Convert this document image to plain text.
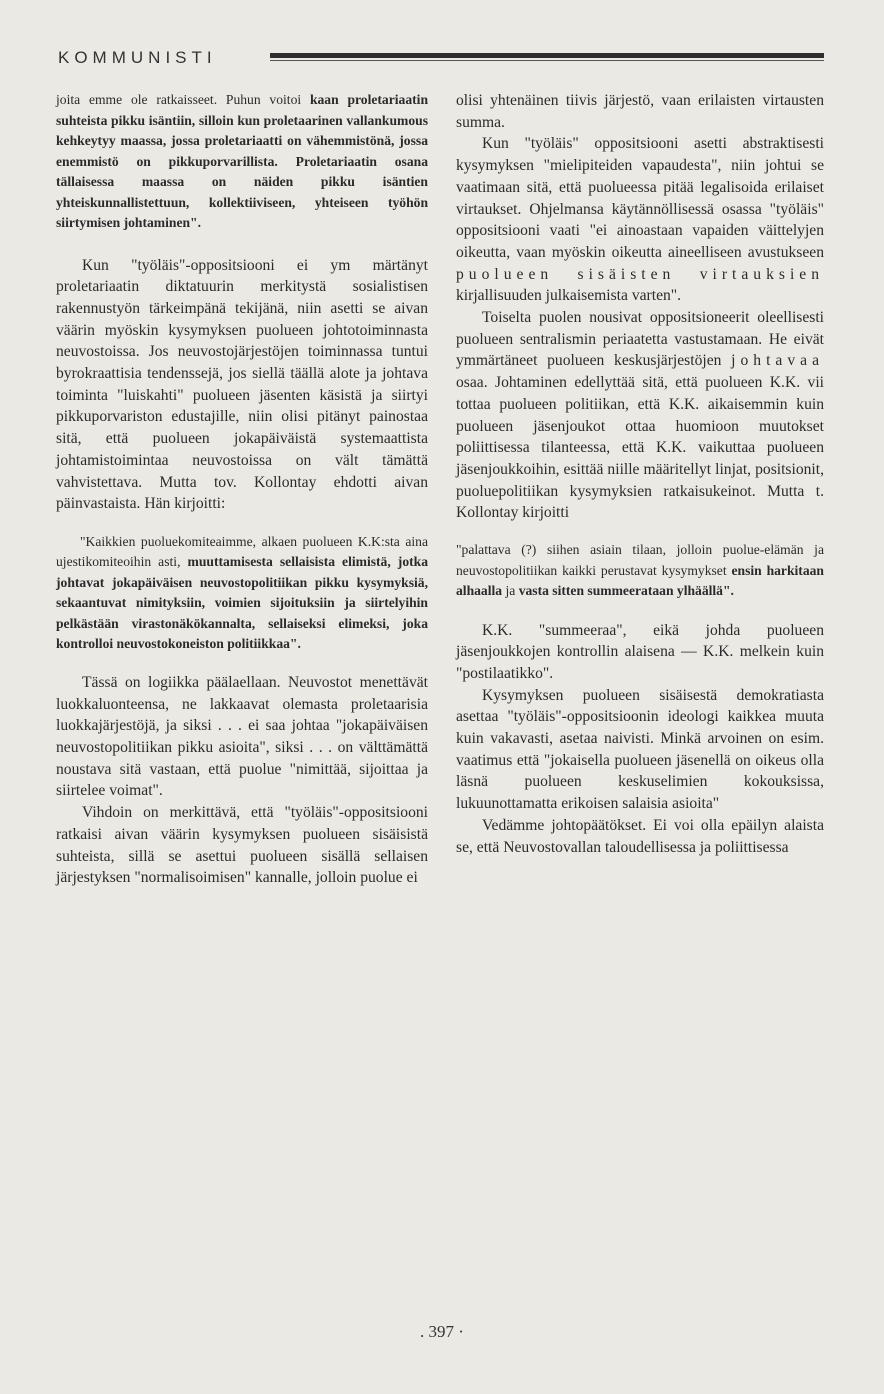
KOMMUNISTI

joita emme ole ratkaisseet. Puhun voitoi kaan proletariaatin suhteista pikku isäntiin, silloin kun proletaarinen vallankumous kehkeytyy maassa, jossa proletariaatti on vähemmistönä, jossa enemmistö on pikkuporvarillista. Proletariaatin osana tällaisessa maassa on näiden pikku isäntien yhteiskunnallistettuun, kollektiiviseen, yhteiseen työhön siirtymisen johtaminen".

Kun "työläis"-oppositsiooni ei ym märtänyt proletariaatin diktatuurin merkitystä sosialistisen rakennustyön tärkeimpänä tekijänä, niin asetti se aivan väärin myöskin kysymyksen puolueen johtotoiminnasta neuvostoissa. Jos neuvostojärjestöjen toiminnassa tuntui byrokraattisia tendenssejä, jos siellä täällä alote ja johtava toiminta "luiskahti" puolueen jäsenten käsistä ja siirtyi pikkuporvariston edustajille, niin olisi pitänyt painostaa sitä, että puolueen jokapäiväistä systemaattista johtamistoimintaa neuvostoissa on vält tämättä vahvistettava. Mutta tov. Kollontay ehdotti aivan päinvastaista. Hän kirjoitti:

"Kaikkien puoluekomiteaimme, alkaen puolueen K.K:sta aina ujestikomiteoihin asti, muuttamisesta sellaisista elimistä, jotka johtavat jokapäiväisen neuvostopolitiikan pikku kysymyksiä, sekaantuvat nimityksiin, voimien sijoituksiin ja siirtelyihin pelkästään virastonäkökannalta, sellaiseksi elimeksi, joka kontrolloi neuvostokoneiston politiikkaa".

Tässä on logiikka päälaellaan. Neuvostot menettävät luokkaluonteensa, ne lakkaavat olemasta proletaarisia luokkajärjestöjä, ja siksi . . . ei saa johtaa "jokapäiväisen neuvostopolitiikan pikku asioita", siksi . . . on välttämättä noustava sitä vastaan, että puolue "nimittää, sijoittaa ja siirtelee voimat".

Vihdoin on merkittävä, että "työläis"-oppositsiooni ratkaisi aivan väärin kysymyksen puolueen sisäisistä suhteista, sillä se asettui puolueen sisällä sellaisen järjestyksen "normalisoimisen" kannalle, jolloin puolue ei

olisi yhtenäinen tiivis järjestö, vaan erilaisten virtausten summa.

Kun "työläis" oppositsiooni asetti abstraktisesti kysymyksen "mielipiteiden vapaudesta", niin johtui se vaatimaan sitä, että puolueessa pitää legalisoida erilaiset virtaukset. Ohjelmansa käytännöllisessä osassa "työläis" oppositsiooni vaati "ei ainoastaan vapaiden väittelyjen oikeutta, vaan myöskin oikeutta aineelliseen avustukseen puolueen sisäisten virtauksien kirjallisuuden julkaisemista varten".

Toiselta puolen nousivat oppositsioneerit oleellisesti puolueen sentralismin periaatetta vastustamaan. He eivät ymmärtäneet puolueen keskusjärjestöjen johtavaa osaa. Johtaminen edellyttää sitä, että puolueen K.K. vii tottaa puolueen politiikan, että K.K. aikaisemmin kuin puolueen jäsenjoukot ottaa huomioon muutokset poliittisessa tilanteessa, että K.K. vaikuttaa puolueen jäsenjoukkoihin, esittää niille määritellyt linjat, positsionit, puoluepolitiikan kysymyksien ratkaisukeinot. Mutta t. Kollontay kirjoitti

"palattava (?) siihen asiain tilaan, jolloin puolue-elämän ja neuvostopolitiikan kaikki perustavat kysymykset ensin harkitaan alhaalla ja vasta sitten summeerataan ylhäällä".

K.K. "summeeraa", eikä johda puolueen jäsenjoukkojen kontrollin alaisena — K.K. melkein kuin "postilaatikko".

Kysymyksen puolueen sisäisestä demokratiasta asettaa "työläis"-oppositsioonin ideologi kaikkea muuta kuin vakavasti, asetaa naivisti. Minkä arvoinen on esim. vaatimus että "jokaisella puolueen jäsenellä on oikeus olla läsnä puolueen keskuselimien kokouksissa, lukuunottamatta erikoisen salaisia asioita"

Vedämme johtopäätökset. Ei voi olla epäilyn alaista se, että Neuvostovallan taloudellisessa ja poliittisessa

. 397 ·
